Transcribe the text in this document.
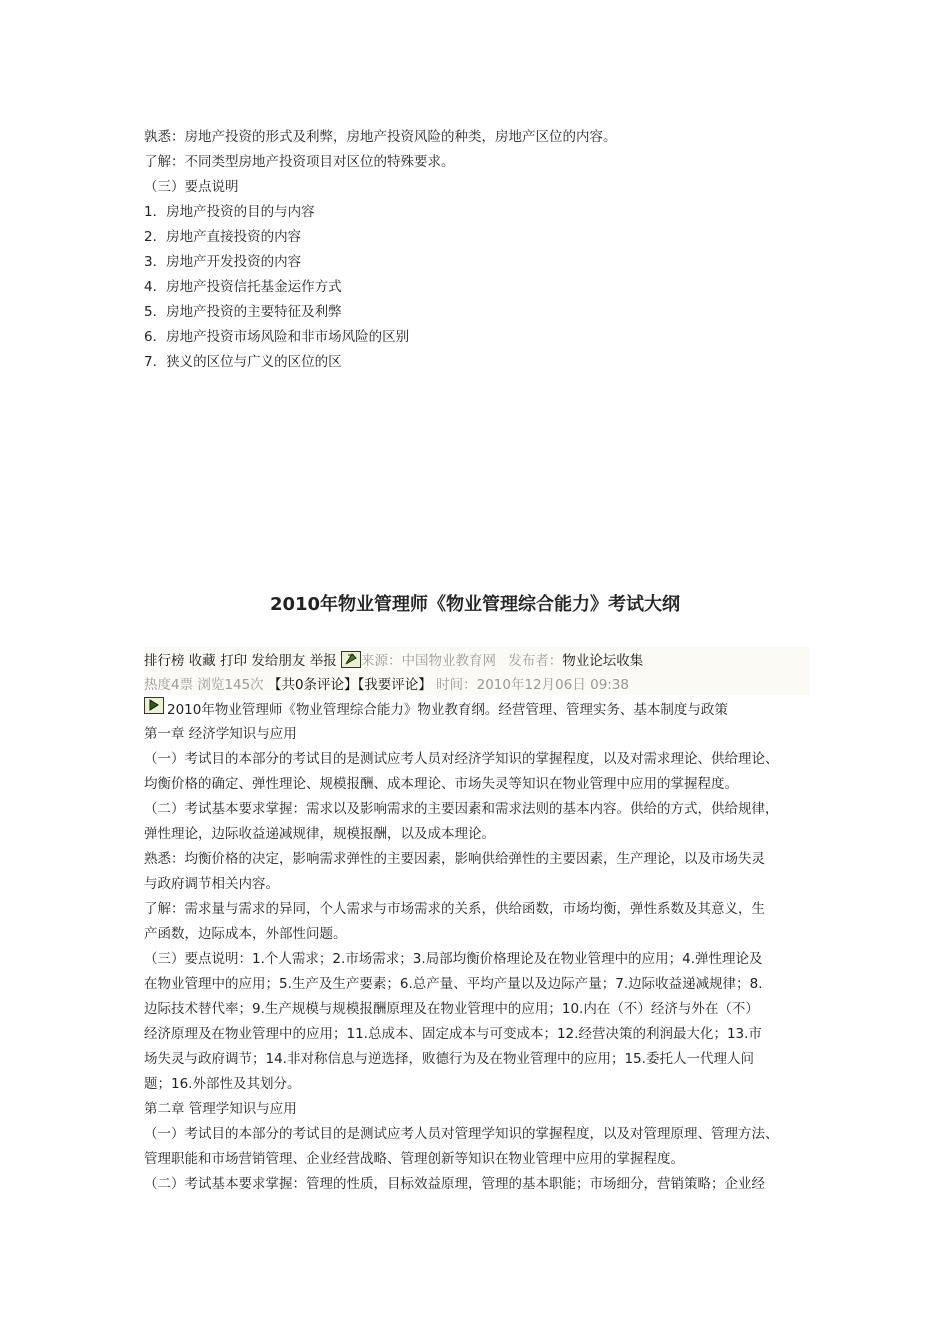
孰悉：房地产投资的形式及利弊，房地产投资风险的种类，房地产区位的内容。
了解：不同类型房地产投资项目对区位的特殊要求。
（三）要点说明
1．房地产投资的目的与内容
2．房地产直接投资的内容
3．房地产开发投资的内容
4．房地产投资信托基金运作方式
5．房地产投资的主要特征及利弊
6．房地产投资市场风险和非市场风险的区别
7．狭义的区位与广义的区位的区
2010年物业管理师《物业管理综合能力》考试大纲
排行榜 收藏 打印 发给朋友 举报 来源：中国物业教育网 发布者：物业论坛收集
热度4票 浏览145次 【共0条评论】【我要评论】 时间：2010年12月06日 09:38
2010年物业管理师《物业管理综合能力》物业教育纲。经营管理、管理实务、基本制度与政策
第一章 经济学知识与应用
（一）考试目的本部分的考试目的是测试应考人员对经济学知识的掌握程度，以及对需求理论、供给理论、
均衡价格的确定、弹性理论、规模报酬、成本理论、市场失灵等知识在物业管理中应用的掌握程度。
（二）考试基本要求掌握：需求以及影响需求的主要因素和需求法则的基本内容。供给的方式，供给规律，
弹性理论，边际收益递减规律，规模报酬，以及成本理论。
熟悉：均衡价格的决定，影响需求弹性的主要因素，影响供给弹性的主要因素，生产理论，以及市场失灵
与政府调节相关内容。
了解：需求量与需求的异同，个人需求与市场需求的关系，供给函数，市场均衡，弹性系数及其意义，生
产函数，边际成本，外部性问题。
（三）要点说明：1.个人需求；2.市场需求；3.局部均衡价格理论及在物业管理中的应用；4.弹性理论及
在物业管理中的应用；5.生产及生产要素；6.总产量、平均产量以及边际产量；7.边际收益递减规律；8.
边际技术替代率；9.生产规模与规模报酬原理及在物业管理中的应用；10.内在（不）经济与外在（不）
经济原理及在物业管理中的应用；11.总成本、固定成本与可变成本；12.经营决策的利润最大化；13.市
场失灵与政府调节；14.非对称信息与逆选择，败德行为及在物业管理中的应用；15.委托人一代理人问
题；16.外部性及其划分。
第二章 管理学知识与应用
（一）考试目的本部分的考试目的是测试应考人员对管理学知识的掌握程度，以及对管理原理、管理方法、
管理职能和市场营销管理、企业经营战略、管理创新等知识在物业管理中应用的掌握程度。
（二）考试基本要求掌握：管理的性质，目标效益原理，管理的基本职能；市场细分，营销策略；企业经
